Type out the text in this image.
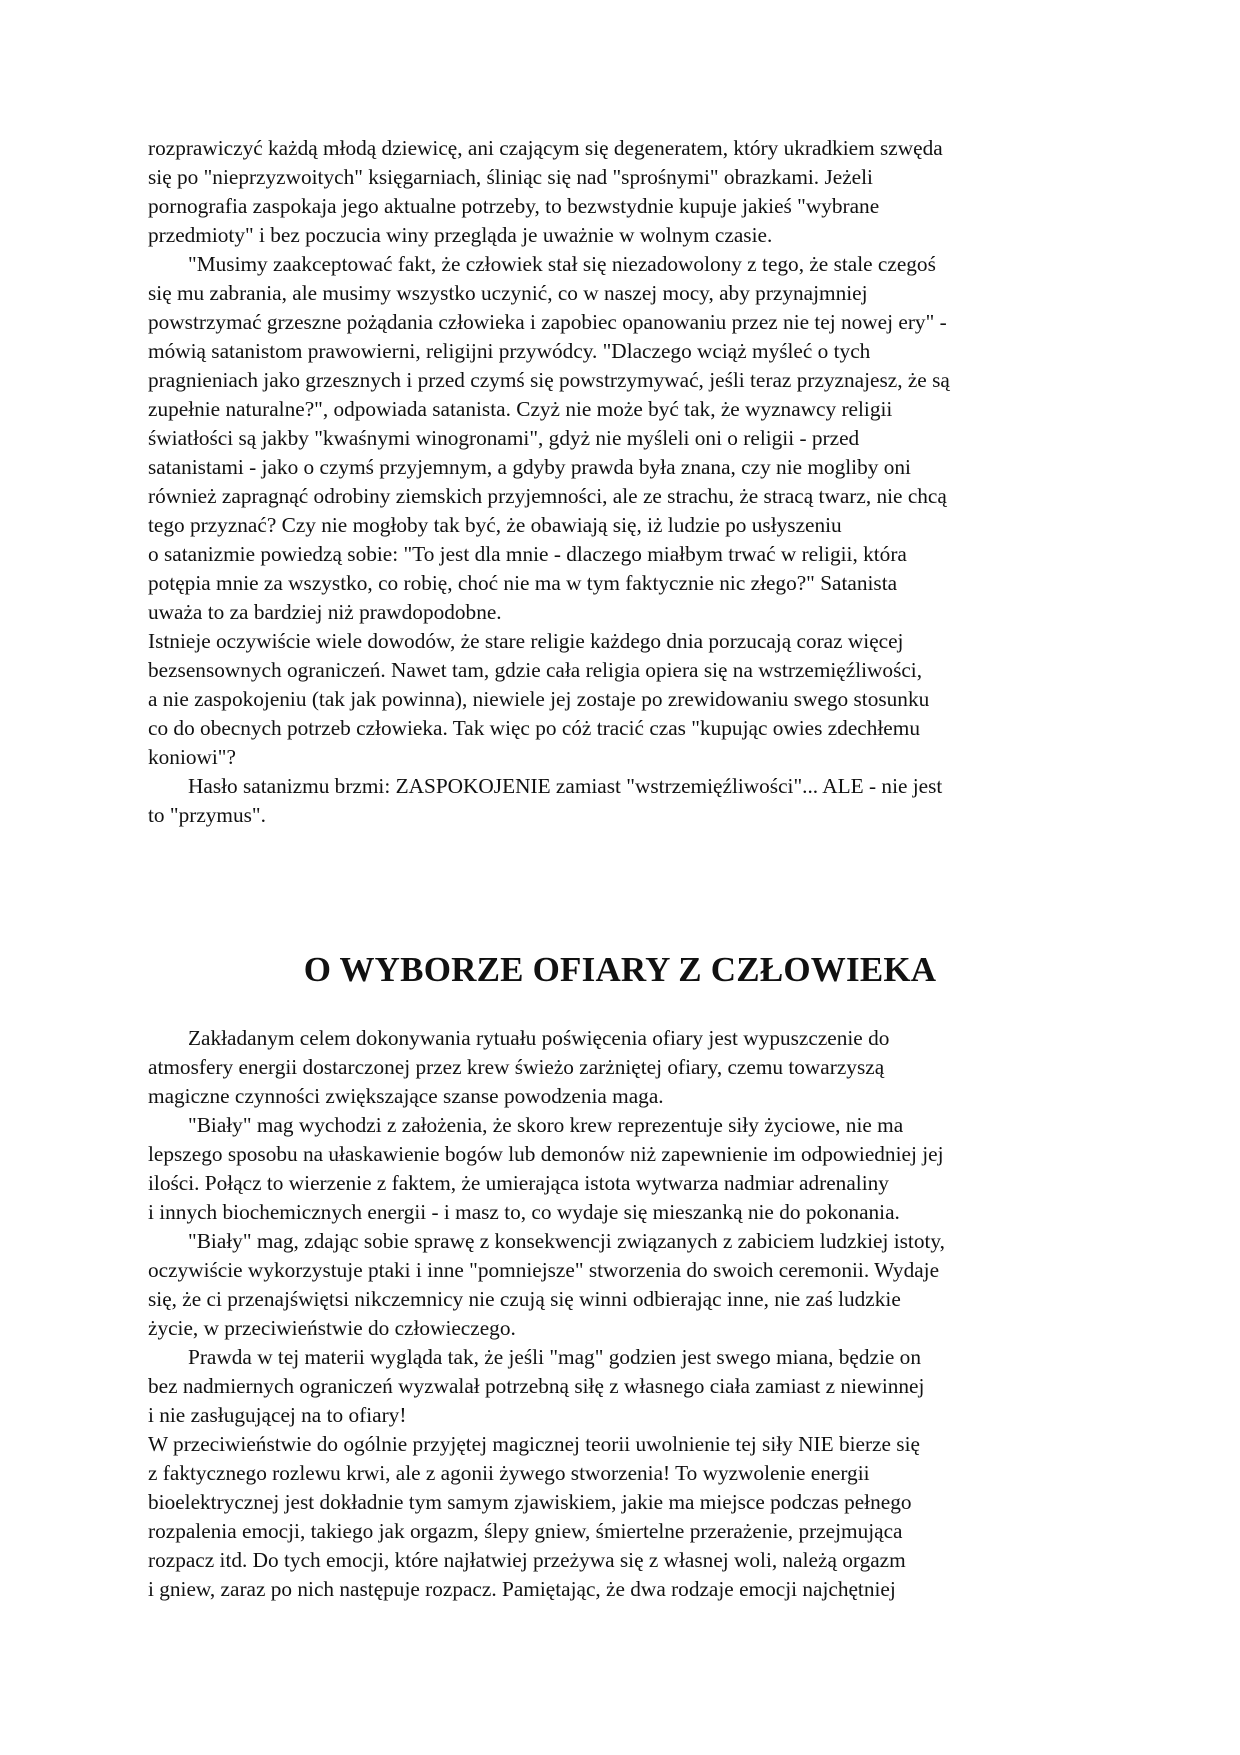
rozprawiczyć każdą młodą dziewicę, ani czającym się degeneratem, który ukradkiem szwęda
się po "nieprzyzwoitych" księgarniach, śliniąc się nad "sprośnymi" obrazkami. Jeżeli
pornografia zaspokaja jego aktualne potrzeby, to bezwstydnie kupuje jakieś "wybrane
przedmioty" i bez poczucia winy przegląda je uważnie w wolnym czasie.
"Musimy zaakceptować fakt, że człowiek stał się niezadowolony z tego, że stale czegoś
się mu zabrania, ale musimy wszystko uczynić, co w naszej mocy, aby przynajmniej
powstrzymać grzeszne pożądania człowieka i zapobiec opanowaniu przez nie tej nowej ery" -
mówią satanistom prawowierni, religijni przywódcy. "Dlaczego wciąż myśleć o tych
pragnieniach jako grzesznych i przed czymś się powstrzymywać, jeśli teraz przyznajesz, że są
zupełnie naturalne?", odpowiada satanista. Czyż nie może być tak, że wyznawcy religii
światłości są jakby "kwaśnymi winogronami", gdyż nie myśleli oni o religii - przed
satanistami - jako o czymś przyjemnym, a gdyby prawda była znana, czy nie mogliby oni
również zapragnąć odrobiny ziemskich przyjemności, ale ze strachu, że stracą twarz, nie chcą
tego przyznać? Czy nie mogłoby tak być, że obawiają się, iż ludzie po usłyszeniu
o satanizmie powiedzą sobie: "To jest dla mnie - dlaczego miałbym trwać w religii, która
potępia mnie za wszystko, co robię, choć nie ma w tym faktycznie nic złego?" Satanista
uważa to za bardziej niż prawdopodobne.
Istnieje oczywiście wiele dowodów, że stare religie każdego dnia porzucają coraz więcej
bezsensownych ograniczeń. Nawet tam, gdzie cała religia opiera się na wstrzemięźliwości,
a nie zaspokojeniu (tak jak powinna), niewiele jej zostaje po zrewidowaniu swego stosunku
co do obecnych potrzeb człowieka. Tak więc po cóż tracić czas "kupując owies zdechłemu
koniowi"?
Hasło satanizmu brzmi: ZASPOKOJENIE zamiast "wstrzemięźliwości"... ALE - nie jest
to "przymus".
O WYBORZE OFIARY Z CZŁOWIEKA
Zakładanym celem dokonywania rytuału poświęcenia ofiary jest wypuszczenie do
atmosfery energii dostarczonej przez krew świeżo zarżniętej ofiary, czemu towarzyszą
magiczne czynności zwiększające szanse powodzenia maga.
"Biały" mag wychodzi z założenia, że skoro krew reprezentuje siły życiowe, nie ma
lepszego sposobu na ułaskawienie bogów lub demonów niż zapewnienie im odpowiedniej jej
ilości. Połącz to wierzenie z faktem, że umierająca istota wytwarza nadmiar adrenaliny
i innych biochemicznych energii - i masz to, co wydaje się mieszanką nie do pokonania.
"Biały" mag, zdając sobie sprawę z konsekwencji związanych z zabiciem ludzkiej istoty,
oczywiście wykorzystuje ptaki i inne "pomniejsze" stworzenia do swoich ceremonii. Wydaje
się, że ci przenajświętsi nikczemnicy nie czują się winni odbierając inne, nie zaś ludzkie
życie, w przeciwieństwie do człowieczego.
Prawda w tej materii wygląda tak, że jeśli "mag" godzien jest swego miana, będzie on
bez nadmiernych ograniczeń wyzwalał potrzebną siłę z własnego ciała zamiast z niewinnej
i nie zasługującej na to ofiary!
W przeciwieństwie do ogólnie przyjętej magicznej teorii uwolnienie tej siły NIE bierze się
z faktycznego rozlewu krwi, ale z agonii żywego stworzenia! To wyzwolenie energii
bioelektrycznej jest dokładnie tym samym zjawiskiem, jakie ma miejsce podczas pełnego
rozpalenia emocji, takiego jak orgazm, ślepy gniew, śmiertelne przerażenie, przejmująca
rozpacz itd. Do tych emocji, które najłatwiej przeżywa się z własnej woli, należą orgazm
i gniew, zaraz po nich następuje rozpacz. Pamiętając, że dwa rodzaje emocji najchętniej
